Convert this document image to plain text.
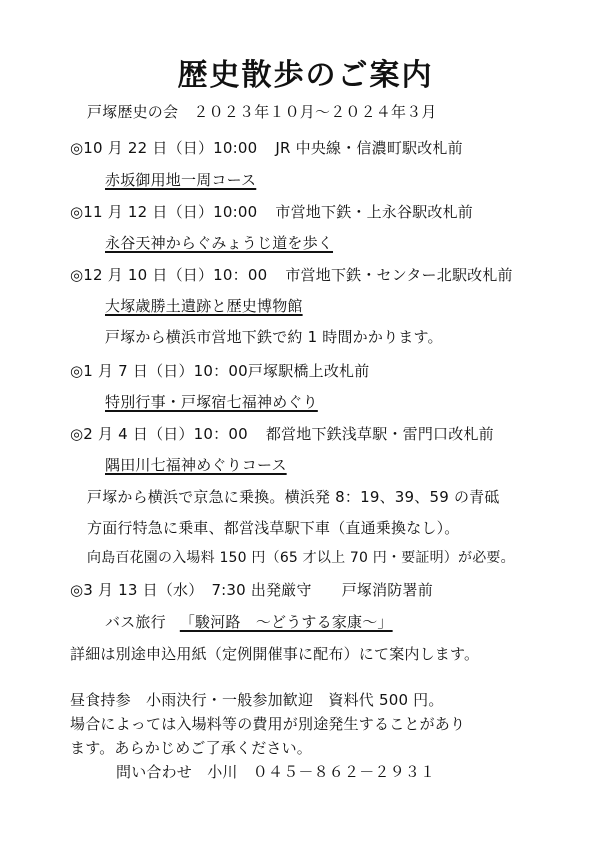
歴史散歩のご案内
戸塚歴史の会　２０２３年１０月～２０２４年３月
◎10 月 22 日（日）10:00 JR 中央線・信濃町駅改札前
赤坂御用地一周コース
◎11 月 12 日（日）10:00 市営地下鉄・上永谷駅改札前
永谷天神からぐみょうじ道を歩く
◎12 月 10 日（日）10：00 市営地下鉄・センター北駅改札前
大塚歳勝土遺跡と歴史博物館
戸塚から横浜市営地下鉄で約 1 時間かかります。
◎1 月 7 日（日）10：00戸塚駅橋上改札前
特別行事・戸塚宿七福神めぐり
◎2 月 4 日（日）10：00 都営地下鉄浅草駅・雷門口改札前
隅田川七福神めぐりコース
戸塚から横浜で京急に乗換。横浜発 8：19、39、59 の青砥
方面行特急に乗車、都営浅草駅下車（直通乗換なし）。
向島百花園の入場料 150 円（65 才以上 70 円・要証明）が必要。
◎3 月 13 日（水） 7:30 出発厳守 戸塚消防署前
バス旅行 「駿河路　～どうする家康～」
詳細は別途申込用紙（定例開催事に配布）にて案内します。
昼食持参　小雨決行・一般参加歓迎　資料代 500 円。
場合によっては入場料等の費用が別途発生することがあり
ます。あらかじめご了承ください。
問い合わせ　小川　０４５－８６２－２９３１
